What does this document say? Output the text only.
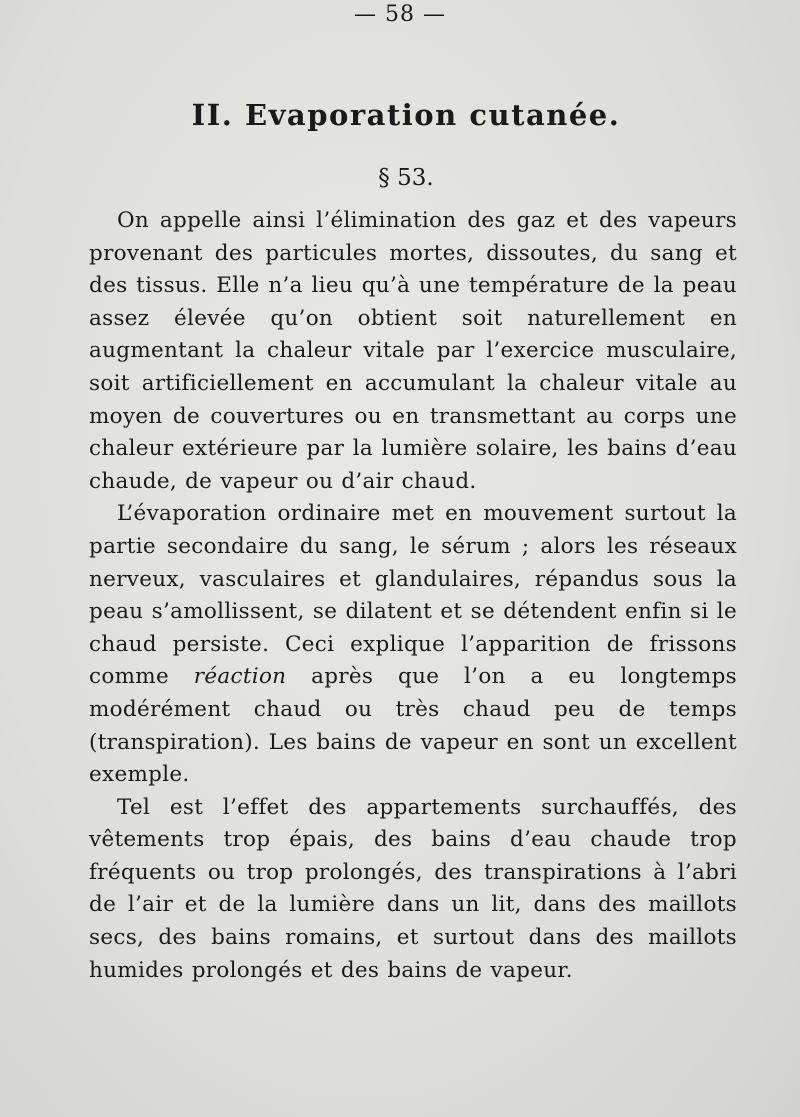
— 58 —
II. Evaporation cutanée.
§ 53.

On appelle ainsi l’élimination des gaz et des vapeurs provenant des particules mortes, dissoutes, du sang et des tissus. Elle n’a lieu qu’à une température de la peau assez élevée qu’on obtient soit naturellement en augmentant la chaleur vitale par l’exercice musculaire, soit artificiellement en accumulant la chaleur vitale au moyen de couvertures ou en transmettant au corps une chaleur extérieure par la lumière solaire, les bains d’eau chaude, de vapeur ou d’air chaud.

L’évaporation ordinaire met en mouvement surtout la partie secondaire du sang, le sérum ; alors les réseaux nerveux, vasculaires et glandulaires, répandus sous la peau s’amollissent, se dilatent et se détendent enfin si le chaud persiste. Ceci explique l’apparition de frissons comme réaction après que l’on a eu longtemps modérément chaud ou très chaud peu de temps (transpiration). Les bains de vapeur en sont un excellent exemple.

Tel est l’effet des appartements surchauffés, des vêtements trop épais, des bains d’eau chaude trop fréquents ou trop prolongés, des transpirations à l’abri de l’air et de la lumière dans un lit, dans des maillots secs, des bains romains, et surtout dans des maillots humides prolongés et des bains de vapeur.
